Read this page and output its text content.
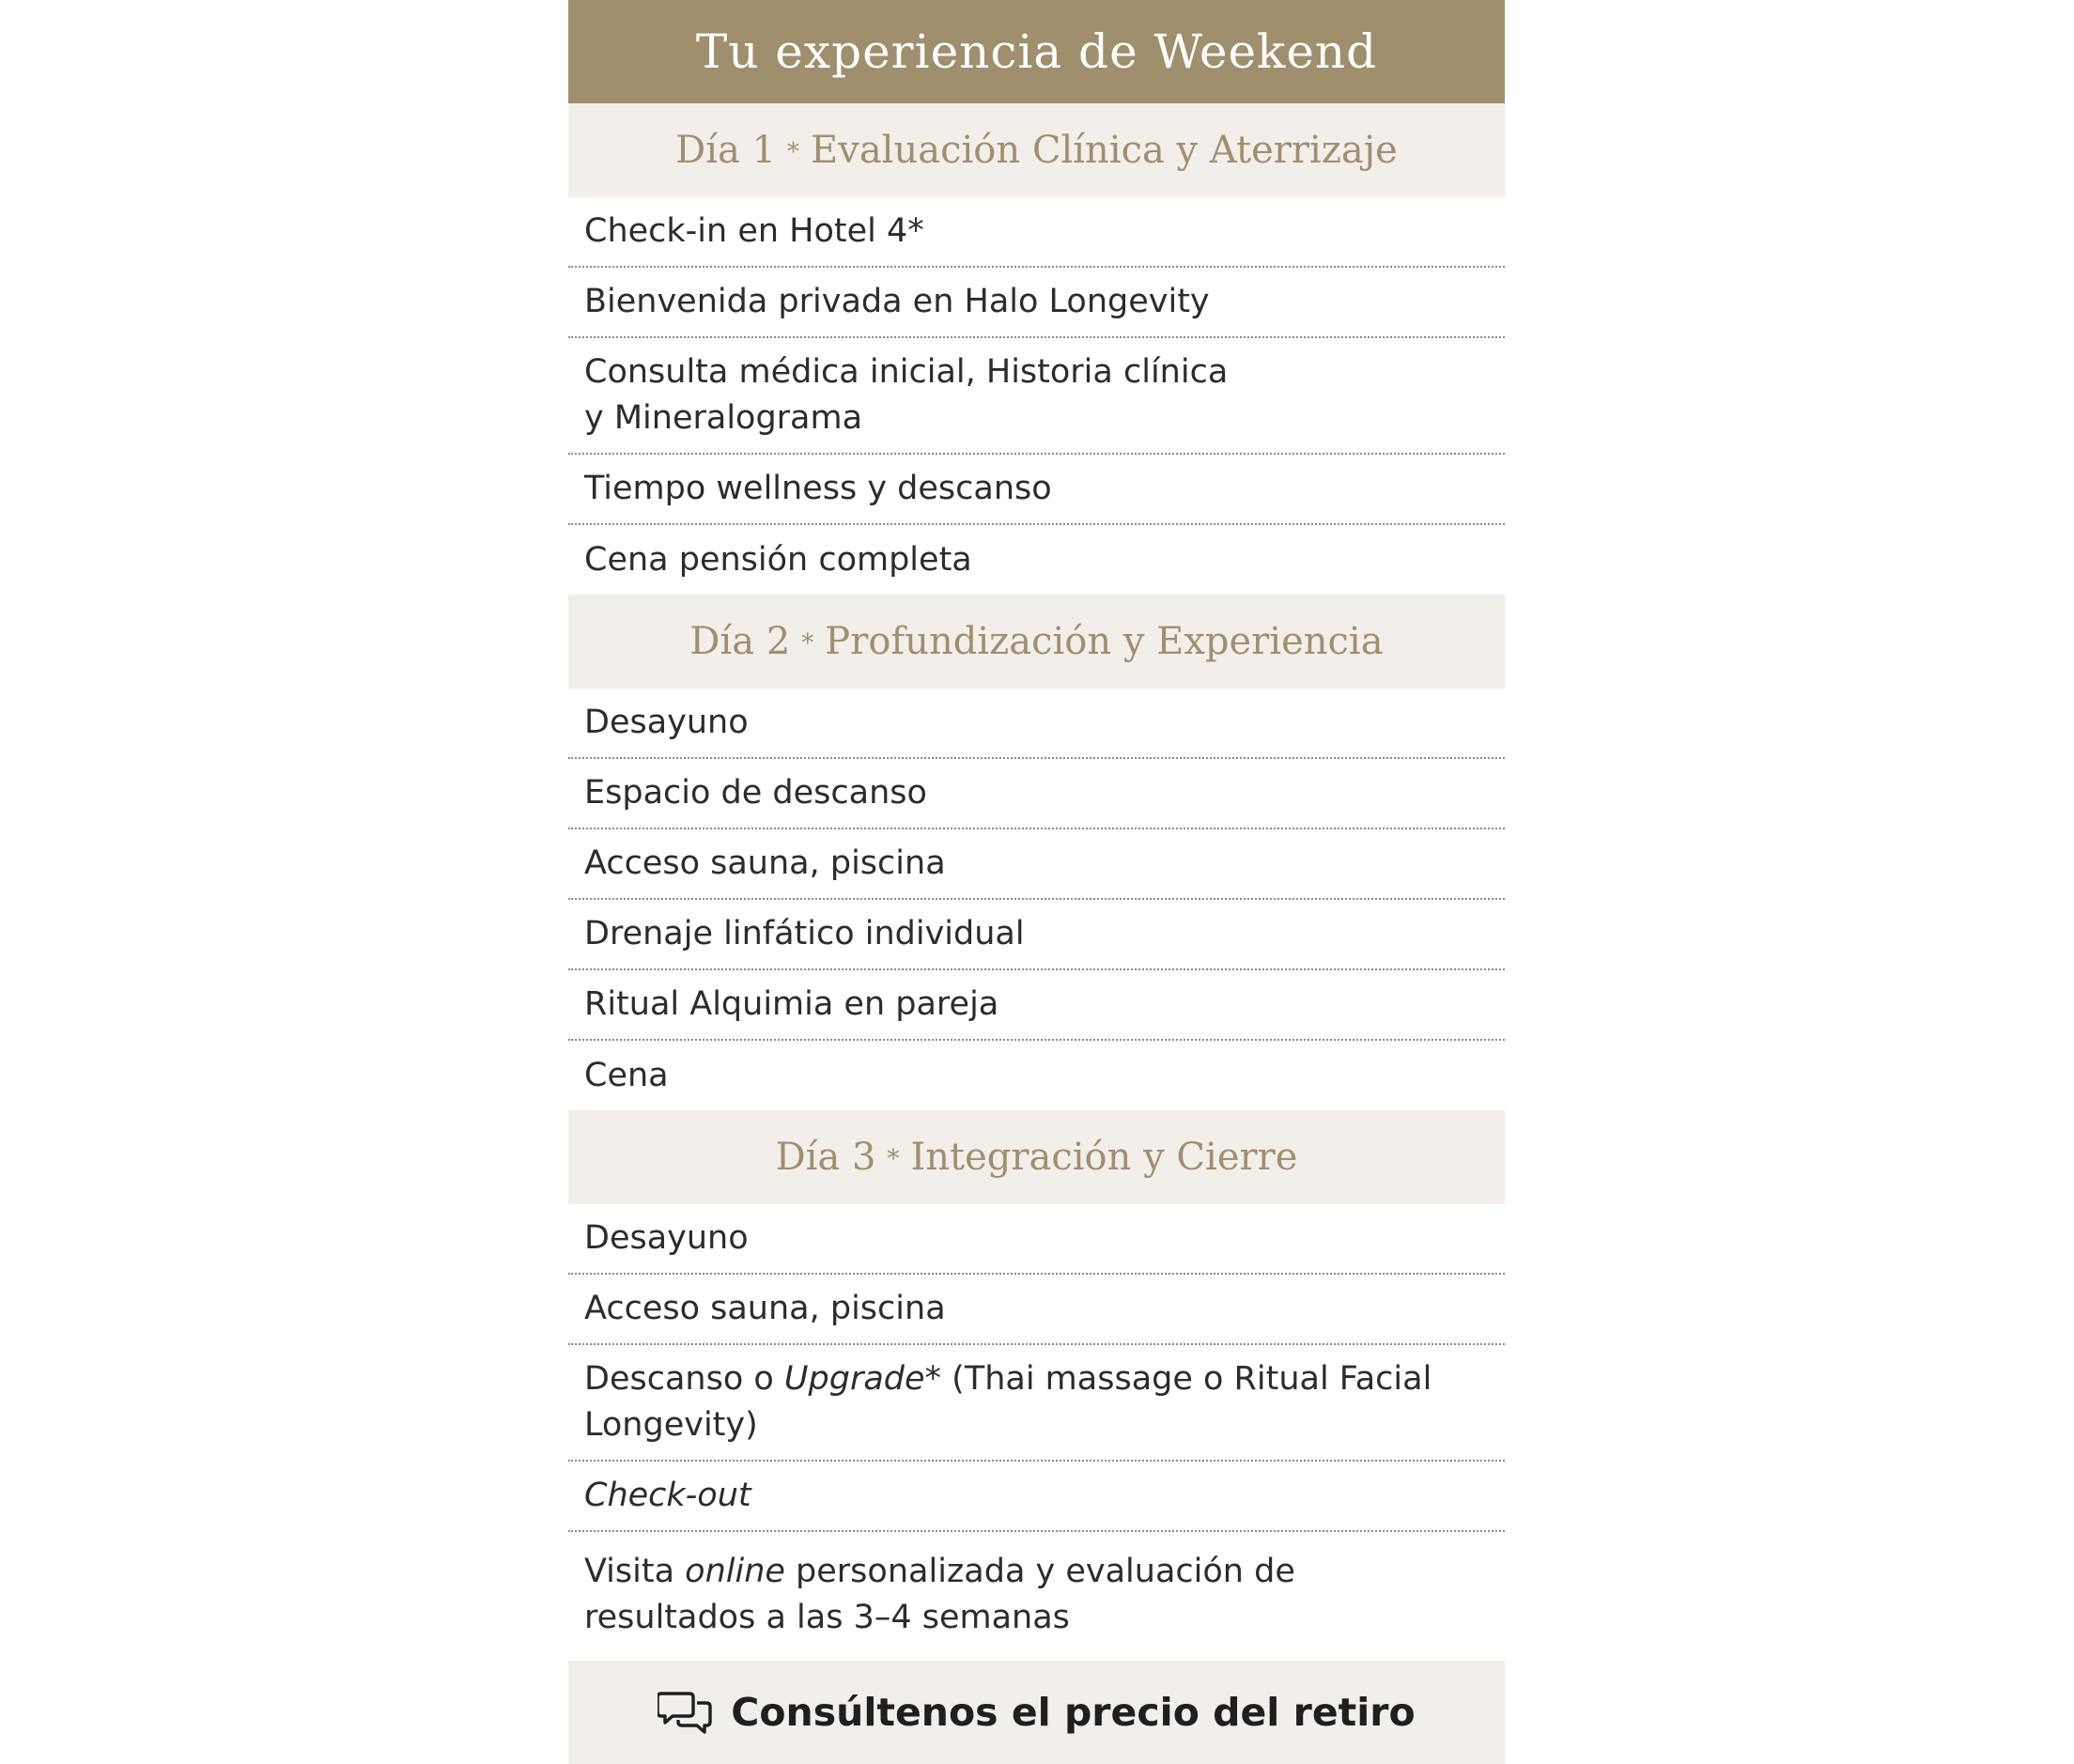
Tu experiencia de Weekend
Día 1 * Evaluación Clínica y Aterrizaje
Check-in en Hotel 4*
Bienvenida privada en Halo Longevity
Consulta médica inicial, Historia clínica
y Mineralograma
Tiempo wellness y descanso
Cena pensión completa
Día 2 * Profundización y Experiencia
Desayuno
Espacio de descanso
Acceso sauna, piscina
Drenaje linfático individual
Ritual Alquimia en pareja
Cena
Día 3 * Integración y Cierre
Desayuno
Acceso sauna, piscina
Descanso o Upgrade* (Thai massage o Ritual Facial
Longevity)
Check-out
Visita online personalizada y evaluación de
resultados a las 3–4 semanas
Consúltenos el precio del retiro
